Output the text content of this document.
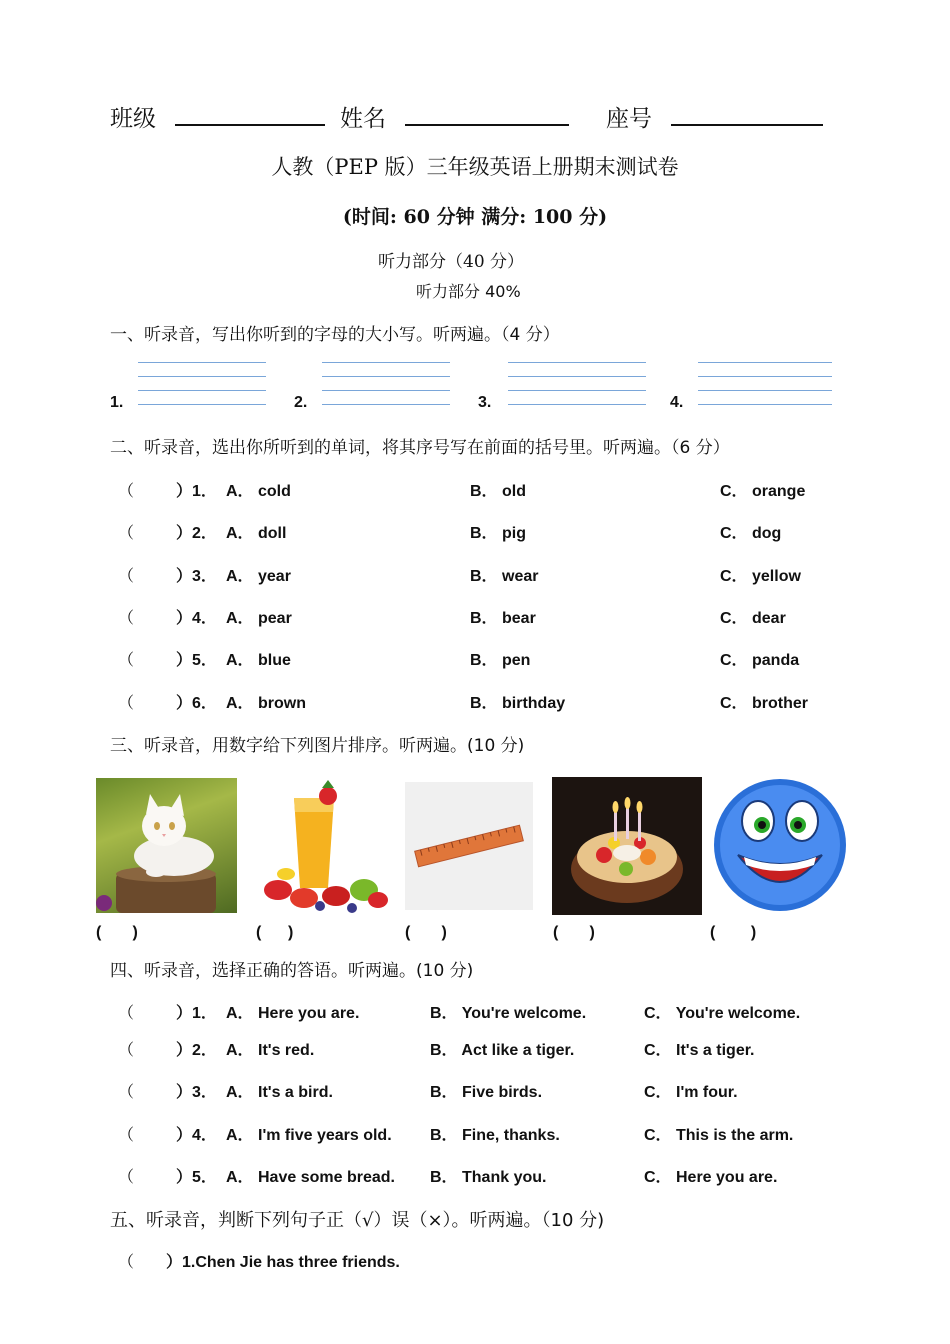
班级	姓名	座号
人教（PEP 版）三年级英语上册期末测试卷
(时间: 60 分钟 满分: 100 分)
听力部分（40 分）
听力部分 40%
一、听录音，写出你听到的字母的大小写。听两遍。（4 分）
1.	2.	3.	4.
二、听录音，选出你所听到的单词，将其序号写在前面的括号里。听两遍。（6 分）
（	）1． A． cold	B． old	C． orange
（	）2． A． doll	B． pig	C． dog
（	）3． A． year	B． wear	C． yellow
（	）4． A． pear	B． bear	C． dear
（	）5． A． blue	B． pen	C． panda
（	）6． A． brown	B． birthday	C． brother
三、听录音，用数字给下列图片排序。听两遍。(10 分)
(       )	(      )	(       )	(       )	(        )
四、听录音，选择正确的答语。听两遍。(10 分)
（	）1． A． Here you are.	B． You're welcome.	C． You're welcome.
（	）2． A． It's red.	B． Act like a tiger.	C． It's a tiger.
（	）3． A． It's a bird.	B． Five birds.	C． I'm four.
（	）4． A． I'm five years old. B． Fine, thanks.	C． This is the arm.
（	）5． A． Have some bread. B． Thank you.	C． Here you are.
五、听录音，判断下列句子正（√）误（×）。听两遍。（10 分)
（ ）1.Chen Jie has three friends.
